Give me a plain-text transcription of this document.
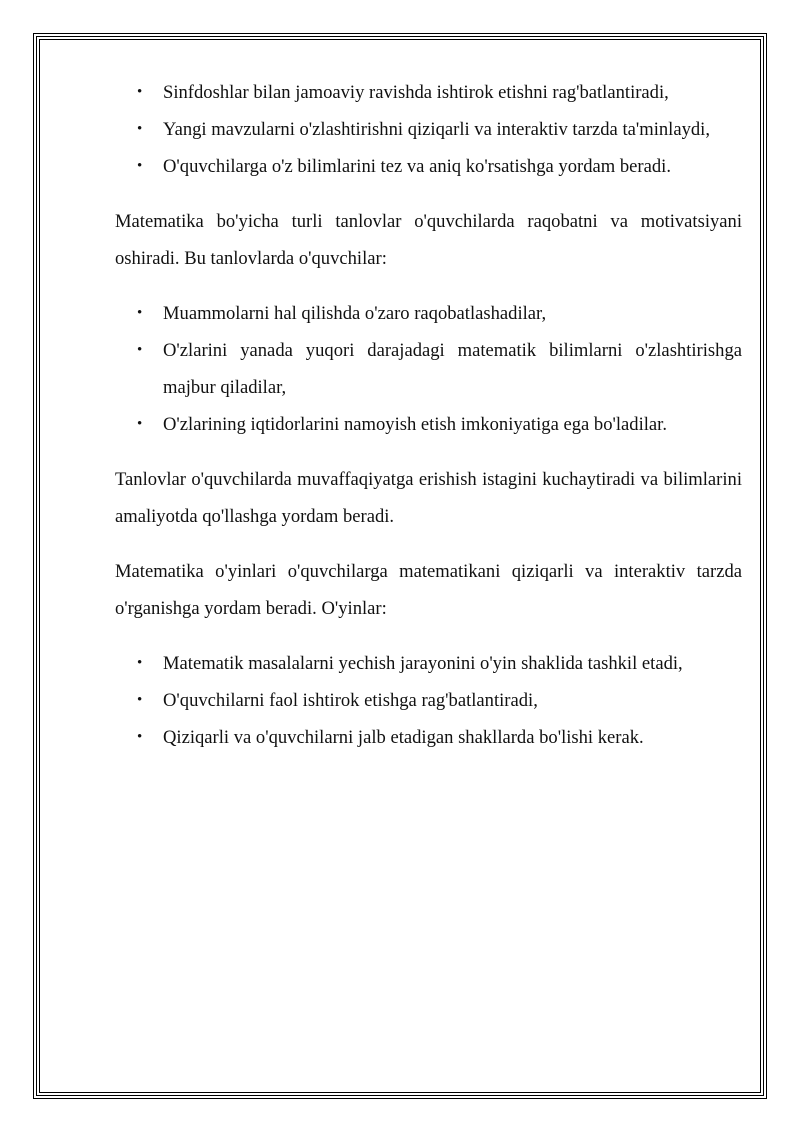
• Sinfdoshlar bilan jamoaviy ravishda ishtirok etishni rag'batlantiradi,
• Yangi mavzularni o'zlashtirishni qiziqarli va interaktiv tarzda ta'minlaydi,
• O'quvchilarga o'z bilimlarini tez va aniq ko'rsatishga yordam beradi.

Matematika bo'yicha turli tanlovlar o'quvchilarda raqobatni va motivatsiyani oshiradi. Bu tanlovlarda o'quvchilar:

• Muammolarni hal qilishda o'zaro raqobatlashadilar,
• O'zlarini yanada yuqori darajadagi matematik bilimlarni o'zlashtirishga majbur qiladilar,
• O'zlarining iqtidorlarini namoyish etish imkoniyatiga ega bo'ladilar.

Tanlovlar o'quvchilarda muvaffaqiyatga erishish istagini kuchaytiradi va bilimlarini amaliyotda qo'llashga yordam beradi.

Matematika o'yinlari o'quvchilarga matematikani qiziqarli va interaktiv tarzda o'rganishga yordam beradi. O'yinlar:

• Matematik masalalarni yechish jarayonini o'yin shaklida tashkil etadi,
• O'quvchilarni faol ishtirok etishga rag'batlantiradi,
• Qiziqarli va o'quvchilarni jalb etadigan shakllarda bo'lishi kerak.
